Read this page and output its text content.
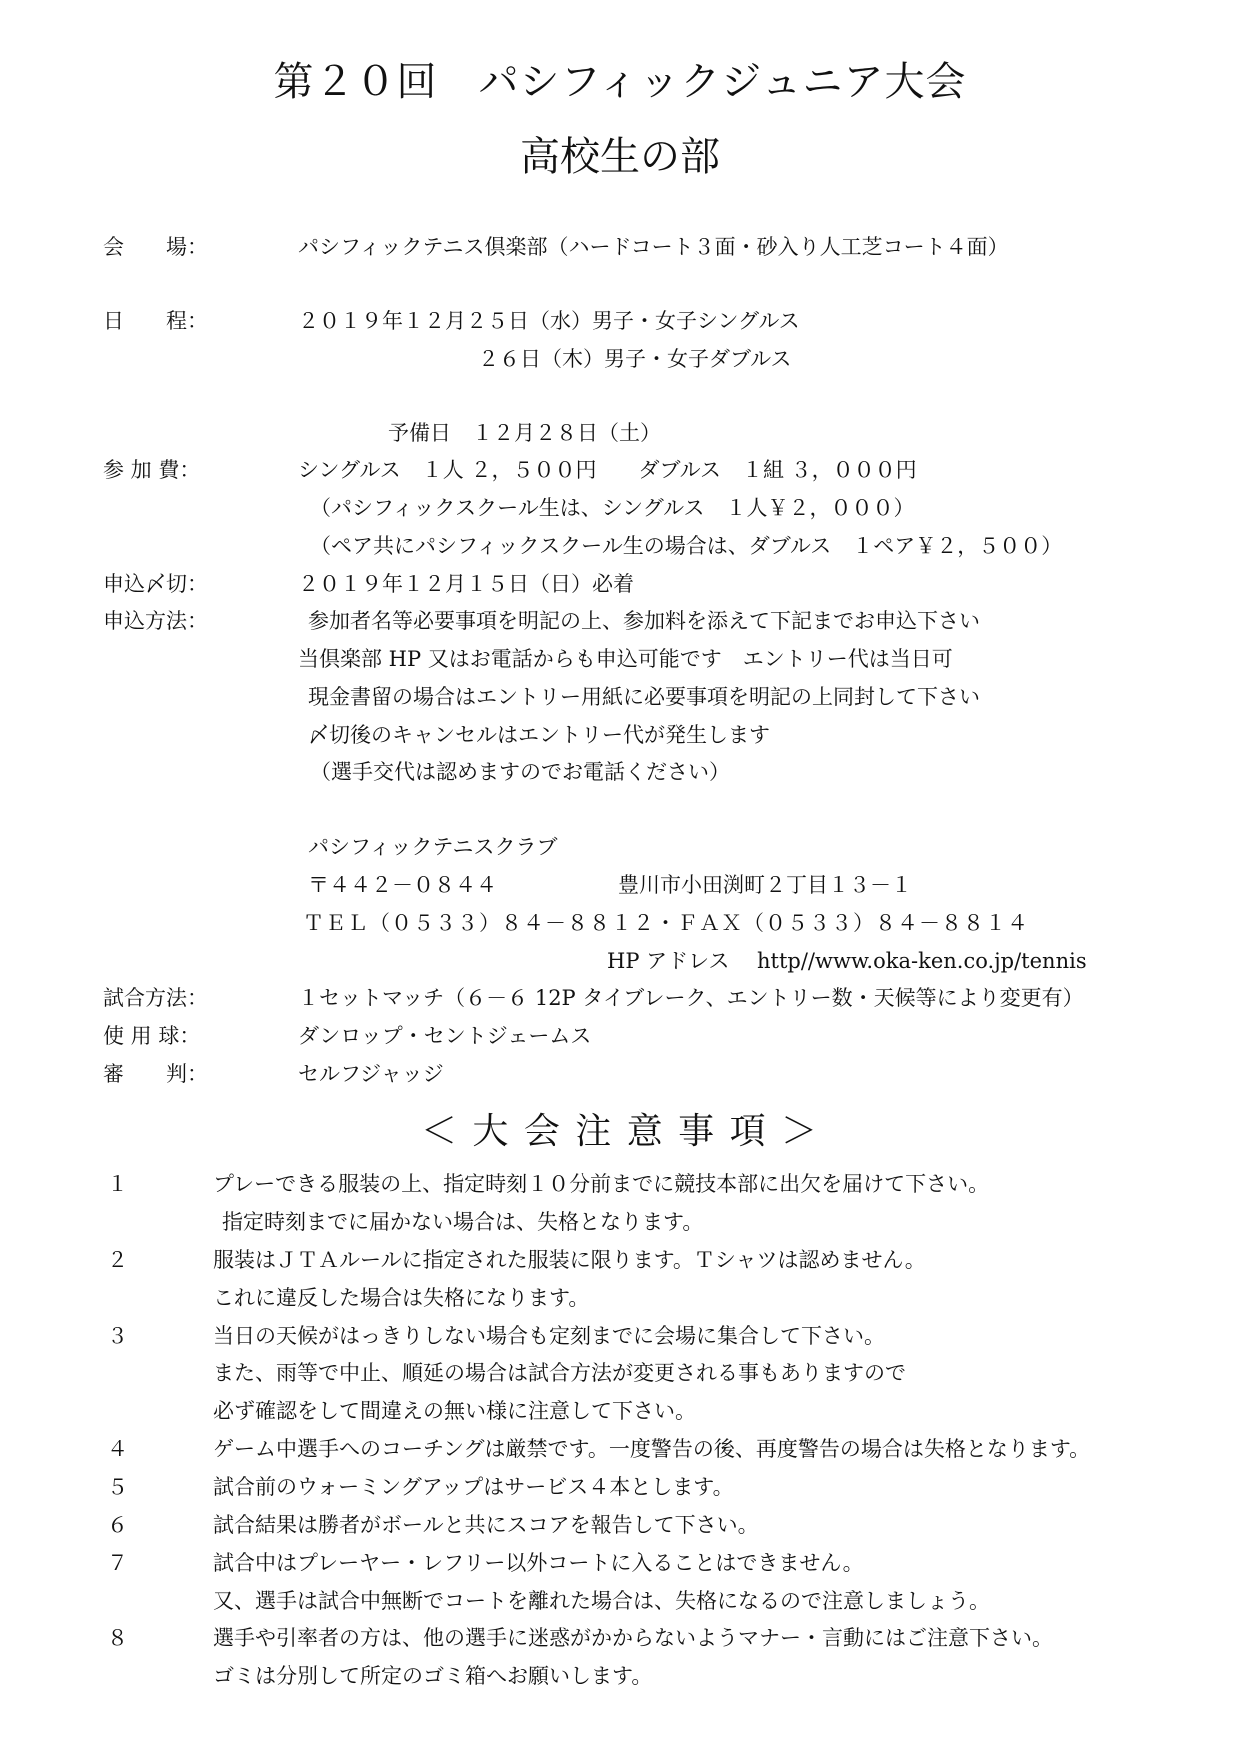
第２０回　パシフィックジュニア大会
高校生の部
会　　場：	パシフィックテニス倶楽部（ハードコート３面・砂入り人工芝コート４面）
日　　程：	２０１９年１２月２５日（水）男子・女子シングルス
２６日（木）男子・女子ダブルス
予備日　１２月２８日（土）
参 加 費：	シングルス　１人 ２，５００円　　ダブルス　１組 ３，０００円
（パシフィックスクール生は、シングルス　１人￥２，０００）
（ペア共にパシフィックスクール生の場合は、ダブルス　１ペア￥２，５００）
申込〆切：	２０１９年１２月１５日（日）必着
申込方法：	参加者名等必要事項を明記の上、参加料を添えて下記までお申込下さい
当倶楽部 HP 又はお電話からも申込可能です　エントリー代は当日可
現金書留の場合はエントリー用紙に必要事項を明記の上同封して下さい
〆切後のキャンセルはエントリー代が発生します
（選手交代は認めますのでお電話ください）
パシフィックテニスクラブ
〒４４２－０８４４	豊川市小田渕町２丁目１３－１
ＴＥＬ（０５３３）８４－８８１２・ＦＡＸ（０５３３）８４－８８１４
HP アドレス http//www.oka-ken.co.jp/tennis
試合方法：	１セットマッチ（６－６ 12P タイブレーク、エントリー数・天候等により変更有）
使 用 球：	ダンロップ・セントジェームス
審　　判：	セルフジャッジ
＜ 大 会 注 意 事 項 ＞
１	プレーできる服装の上、指定時刻１０分前までに競技本部に出欠を届けて下さい。
指定時刻までに届かない場合は、失格となります。
２	服装はＪＴＡルールに指定された服装に限ります。Ｔシャツは認めません。
これに違反した場合は失格になります。
３	当日の天候がはっきりしない場合も定刻までに会場に集合して下さい。
また、雨等で中止、順延の場合は試合方法が変更される事もありますので
必ず確認をして間違えの無い様に注意して下さい。
４	ゲーム中選手へのコーチングは厳禁です。一度警告の後、再度警告の場合は失格となります。
５	試合前のウォーミングアップはサービス４本とします。
６	試合結果は勝者がボールと共にスコアを報告して下さい。
７	試合中はプレーヤー・レフリー以外コートに入ることはできません。
又、選手は試合中無断でコートを離れた場合は、失格になるので注意しましょう。
８	選手や引率者の方は、他の選手に迷惑がかからないようマナー・言動にはご注意下さい。
ゴミは分別して所定のゴミ箱へお願いします。
